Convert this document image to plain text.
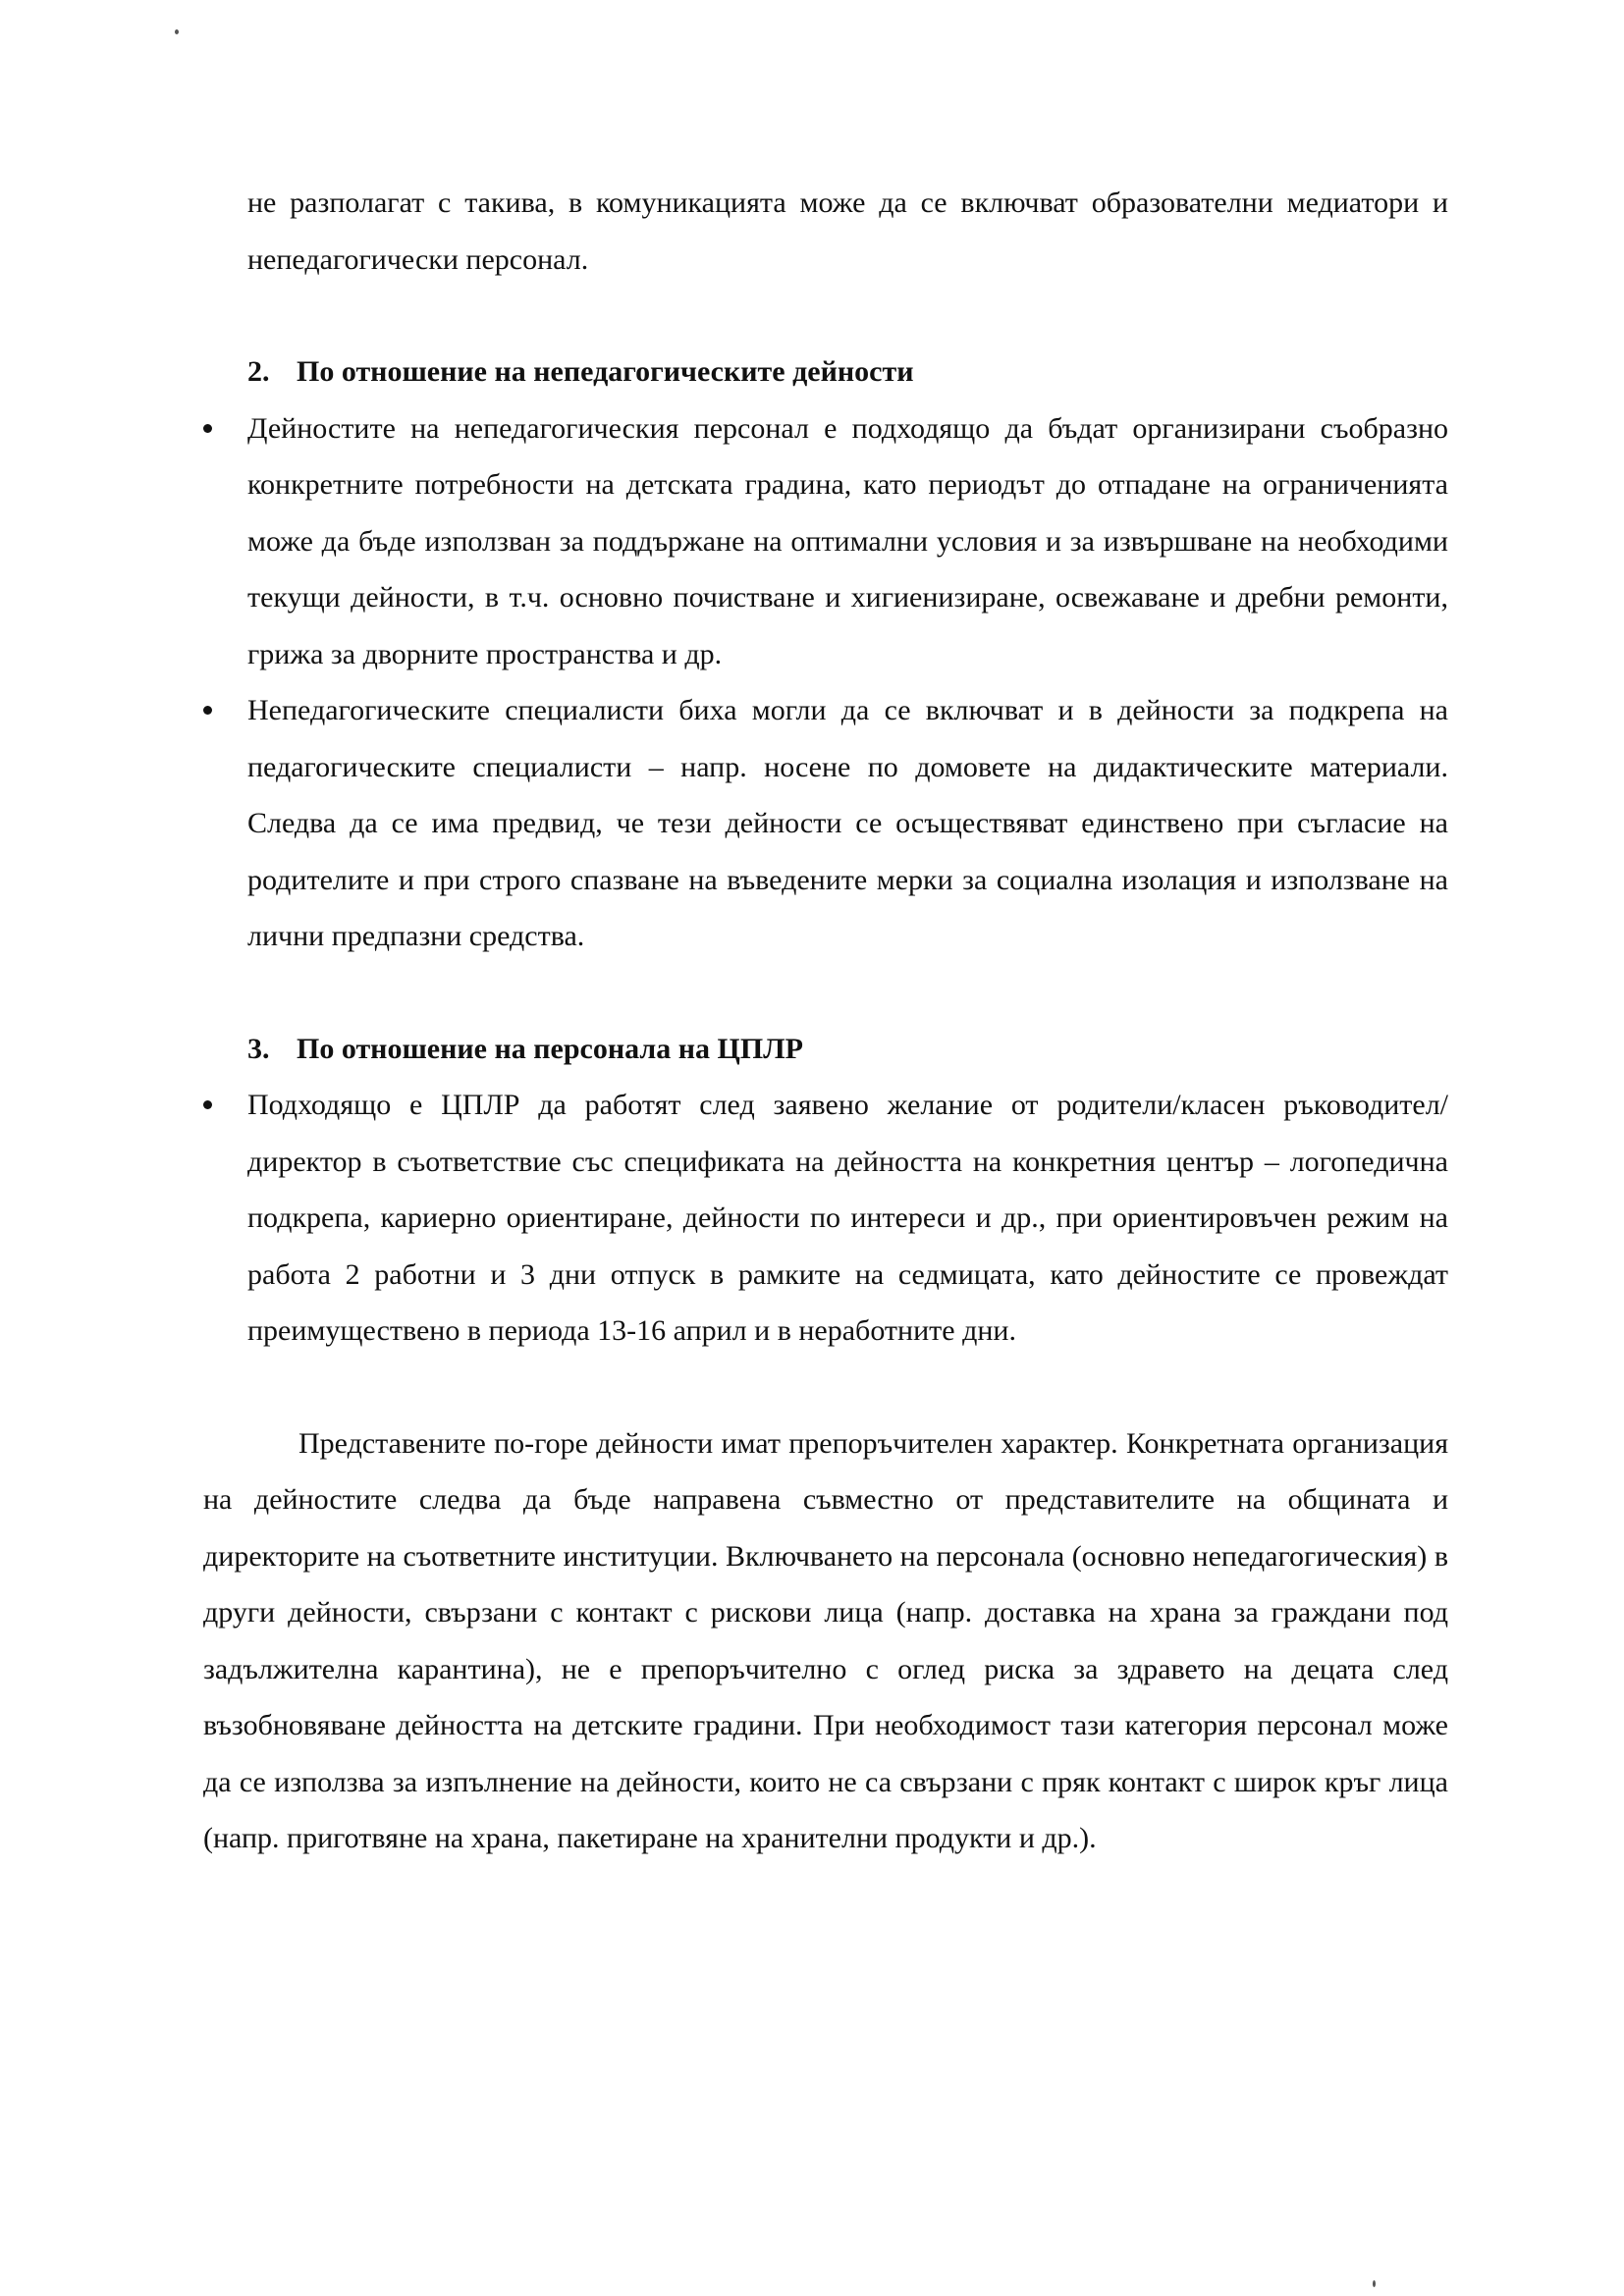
не разполагат с такива, в комуникацията може да се включват образователни медиатори и непедагогически персонал.

2. По отношение на непедагогическите дейности

Дейностите на непедагогическия персонал е подходящо да бъдат организирани съобразно конкретните потребности на детската градина, като периодът до отпадане на ограниченията може да бъде използван за поддържане на оптимални условия и за извършване на необходими текущи дейности, в т.ч. основно почистване и хигиенизиране, освежаване и дребни ремонти, грижа за дворните пространства и др.

Непедагогическите специалисти биха могли да се включват и в дейности за подкрепа на педагогическите специалисти – напр. носене по домовете на дидактическите материали. Следва да се има предвид, че тези дейности се осъществяват единствено при съгласие на родителите и при строго спазване на въведените мерки за социална изолация и използване на лични предпазни средства.

3. По отношение на персонала на ЦПЛР

Подходящо е ЦПЛР да работят след заявено желание от родители/класен ръководител/директор в съответствие със спецификата на дейността на конкретния център – логопедична подкрепа, кариерно ориентиране, дейности по интереси и др., при ориентировъчен режим на работа 2 работни и 3 дни отпуск в рамките на седмицата, като дейностите се провеждат преимуществено в периода 13-16 април и в неработните дни.

Представените по-горе дейности имат препоръчителен характер. Конкретната организация на дейностите следва да бъде направена съвместно от представителите на общината и директорите на съответните институции. Включването на персонала (основно непедагогическия) в други дейности, свързани с контакт с рискови лица (напр. доставка на храна за граждани под задължителна карантина), не е препоръчително с оглед риска за здравето на децата след възобновяване дейността на детските градини. При необходимост тази категория персонал може да се използва за изпълнение на дейности, които не са свързани с пряк контакт с широк кръг лица (напр. приготвяне на храна, пакетиране на хранителни продукти и др.).
